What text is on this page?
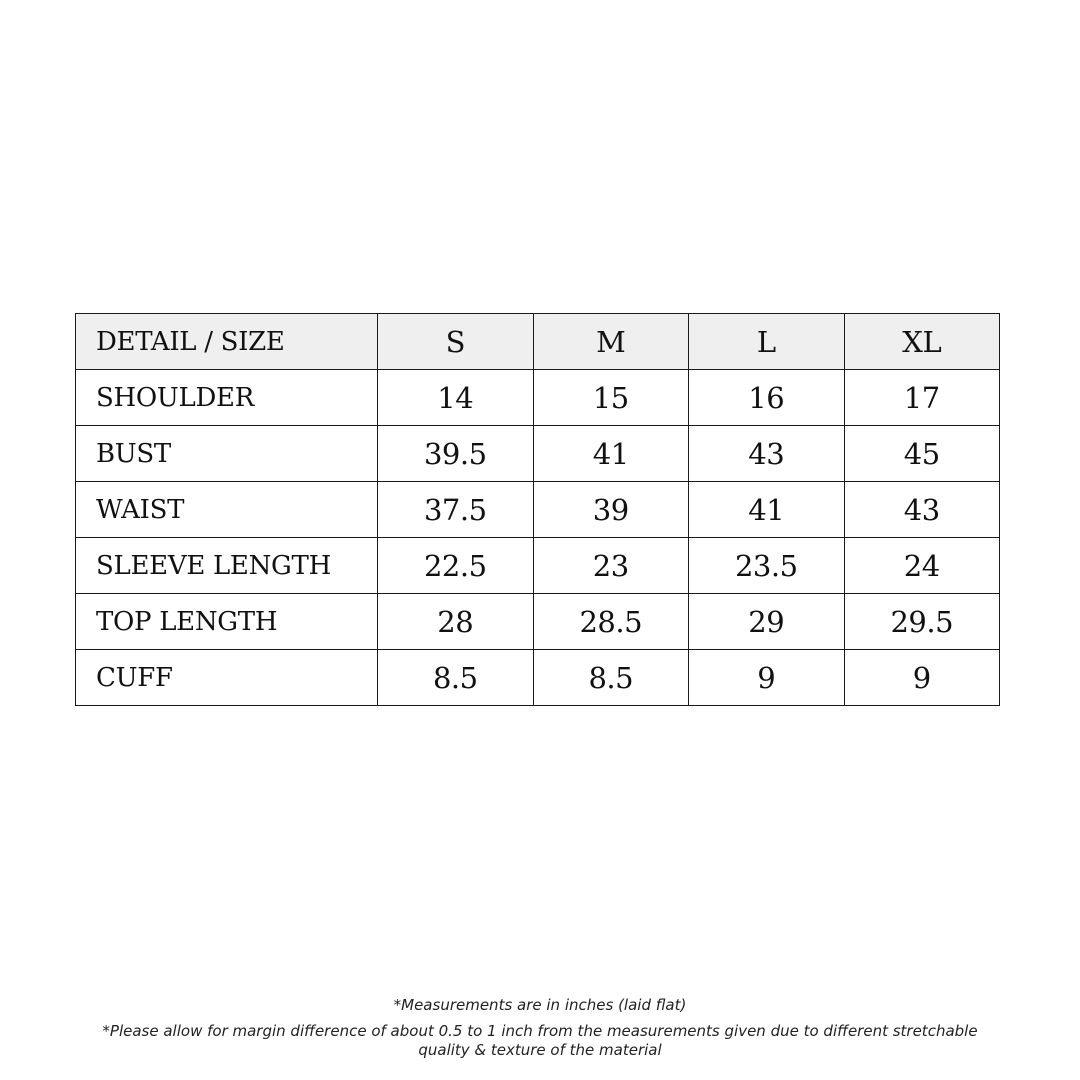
DETAIL / SIZE	S	M	L	XL
SHOULDER	14	15	16	17
BUST	39.5	41	43	45
WAIST	37.5	39	41	43
SLEEVE LENGTH	22.5	23	23.5	24
TOP LENGTH	28	28.5	29	29.5
CUFF	8.5	8.5	9	9
*Measurements are in inches (laid flat)
*Please allow for margin difference of about 0.5 to 1 inch from the measurements given due to different stretchable quality & texture of the material
